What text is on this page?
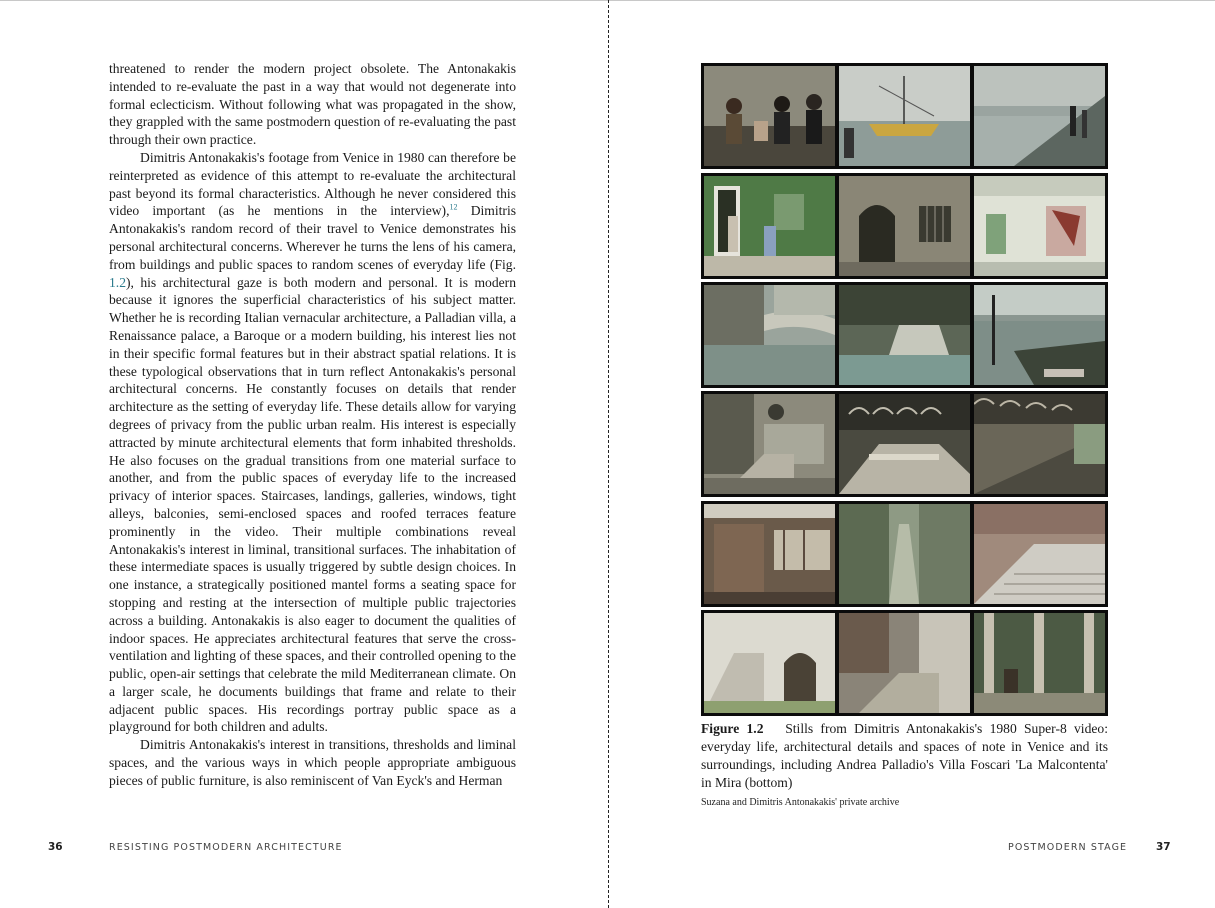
threatened to render the modern project obsolete. The Antonakakis intended to re-evaluate the past in a way that would not degenerate into formal eclecticism. Without following what was propagated in the show, they grappled with the same postmodern question of re-evaluating the past through their own practice.

Dimitris Antonakakis's footage from Venice in 1980 can therefore be reinterpreted as evidence of this attempt to re-evaluate the architectural past beyond its formal characteristics. Although he never considered this video important (as he mentions in the interview),$^{12}$ Dimitris Antonakakis's random record of their travel to Venice demonstrates his personal architectural concerns. Wherever he turns the lens of his camera, from buildings and public spaces to random scenes of everyday life (Fig. 1.2), his architectural gaze is both modern and personal. It is modern because it ignores the superficial characteristics of his subject matter. Whether he is recording Italian vernacular architecture, a Palladian villa, a Renaissance palace, a Baroque or a modern building, his interest lies not in their specific formal features but in their abstract spatial relations. It is these typological observations that in turn reflect Antonakakis's personal architectural concerns. He constantly focuses on details that render architecture as the setting of everyday life. These details allow for varying degrees of privacy from the public urban realm. His interest is especially attracted by minute architectural elements that form inhabited thresholds. He also focuses on the gradual transitions from one material surface to another, and from the public spaces of everyday life to the increased privacy of interior spaces. Staircases, landings, galleries, windows, tight alleys, balconies, semi-enclosed spaces and roofed terraces feature prominently in the video. Their multiple combinations reveal Antonakakis's interest in liminal, transitional surfaces. The inhabitation of these intermediate spaces is usually triggered by subtle design choices. In one instance, a strategically positioned mantel forms a seating space for stopping and resting at the intersection of multiple public trajectories across a building. Antonakakis is also eager to document the qualities of indoor spaces. He appreciates architectural features that serve the cross-ventilation and lighting of these spaces, and their controlled opening to the public, open-air settings that celebrate the mild Mediterranean climate. On a larger scale, he documents buildings that frame and relate to their adjacent public spaces. His recordings portray public space as a playground for both children and adults.

Dimitris Antonakakis's interest in transitions, thresholds and liminal spaces, and the various ways in which people appropriate ambiguous pieces of public furniture, is also reminiscent of Van Eyck's and Herman

36	RESISTING POSTMODERN ARCHITECTURE

Figure 1.2 Stills from Dimitris Antonakakis's 1980 Super-8 video: everyday life, architectural details and spaces of note in Venice and its surroundings, including Andrea Palladio's Villa Foscari 'La Malcontenta' in Mira (bottom)

Suzana and Dimitris Antonakakis' private archive

POSTMODERN STAGE	37
